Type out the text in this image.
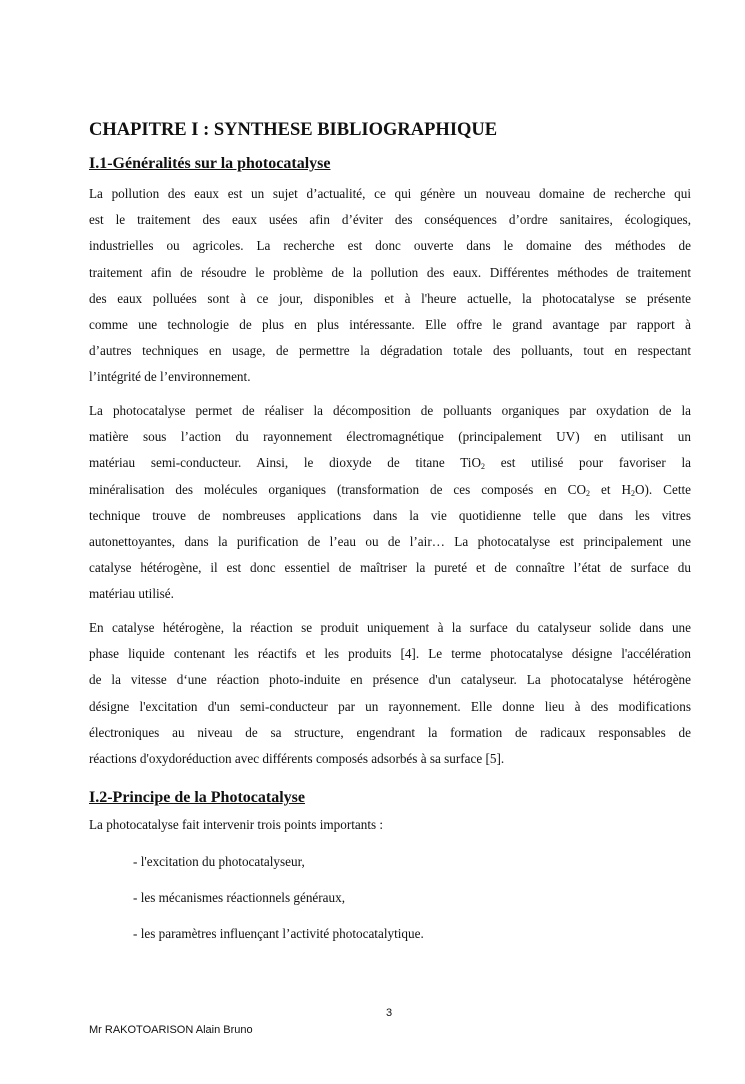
CHAPITRE I : SYNTHESE BIBLIOGRAPHIQUE
I.1-Généralités sur la photocatalyse

La pollution des eaux est un sujet d’actualité, ce qui génère un nouveau domaine de recherche qui
est le traitement des eaux usées afin d’éviter des conséquences d’ordre sanitaires, écologiques,
industrielles ou agricoles. La recherche est donc ouverte dans le domaine des méthodes de
traitement afin de résoudre le problème de la pollution des eaux. Différentes méthodes de traitement
des eaux polluées sont à ce jour, disponibles et à l'heure actuelle, la photocatalyse se présente
comme une technologie de plus en plus intéressante. Elle offre le grand avantage par rapport à
d’autres techniques en usage, de permettre la dégradation totale des polluants, tout en respectant
l’intégrité de l’environnement.

La photocatalyse permet de réaliser la décomposition de polluants organiques par oxydation de la
matière sous l’action du rayonnement électromagnétique (principalement UV) en utilisant un
matériau semi-conducteur. Ainsi, le dioxyde de titane TiO$_2$ est utilisé pour favoriser la
minéralisation des molécules organiques (transformation de ces composés en $CO_2$ et $H_2O$). Cette
technique trouve de nombreuses applications dans la vie quotidienne telle que dans les vitres
autonettoyantes, dans la purification de l’eau ou de l’air… La photocatalyse est principalement une
catalyse hétérogène, il est donc essentiel de maîtriser la pureté et de connaître l’état de surface du
matériau utilisé.

En catalyse hétérogène, la réaction se produit uniquement à la surface du catalyseur solide dans une
phase liquide contenant les réactifs et les produits [4]. Le terme photocatalyse désigne l'accélération
de la vitesse d‘une réaction photo-induite en présence d'un catalyseur. La photocatalyse hétérogène
désigne l'excitation d'un semi-conducteur par un rayonnement. Elle donne lieu à des modifications
électroniques au niveau de sa structure, engendrant la formation de radicaux responsables de
réactions d'oxydoréduction avec différents composés adsorbés à sa surface [5].

I.2-Principe de la Photocatalyse

La photocatalyse fait intervenir trois points importants :

- l'excitation du photocatalyseur,

- les mécanismes réactionnels généraux,

- les paramètres influençant l’activité photocatalytique.

3
Mr RAKOTOARISON Alain Bruno
